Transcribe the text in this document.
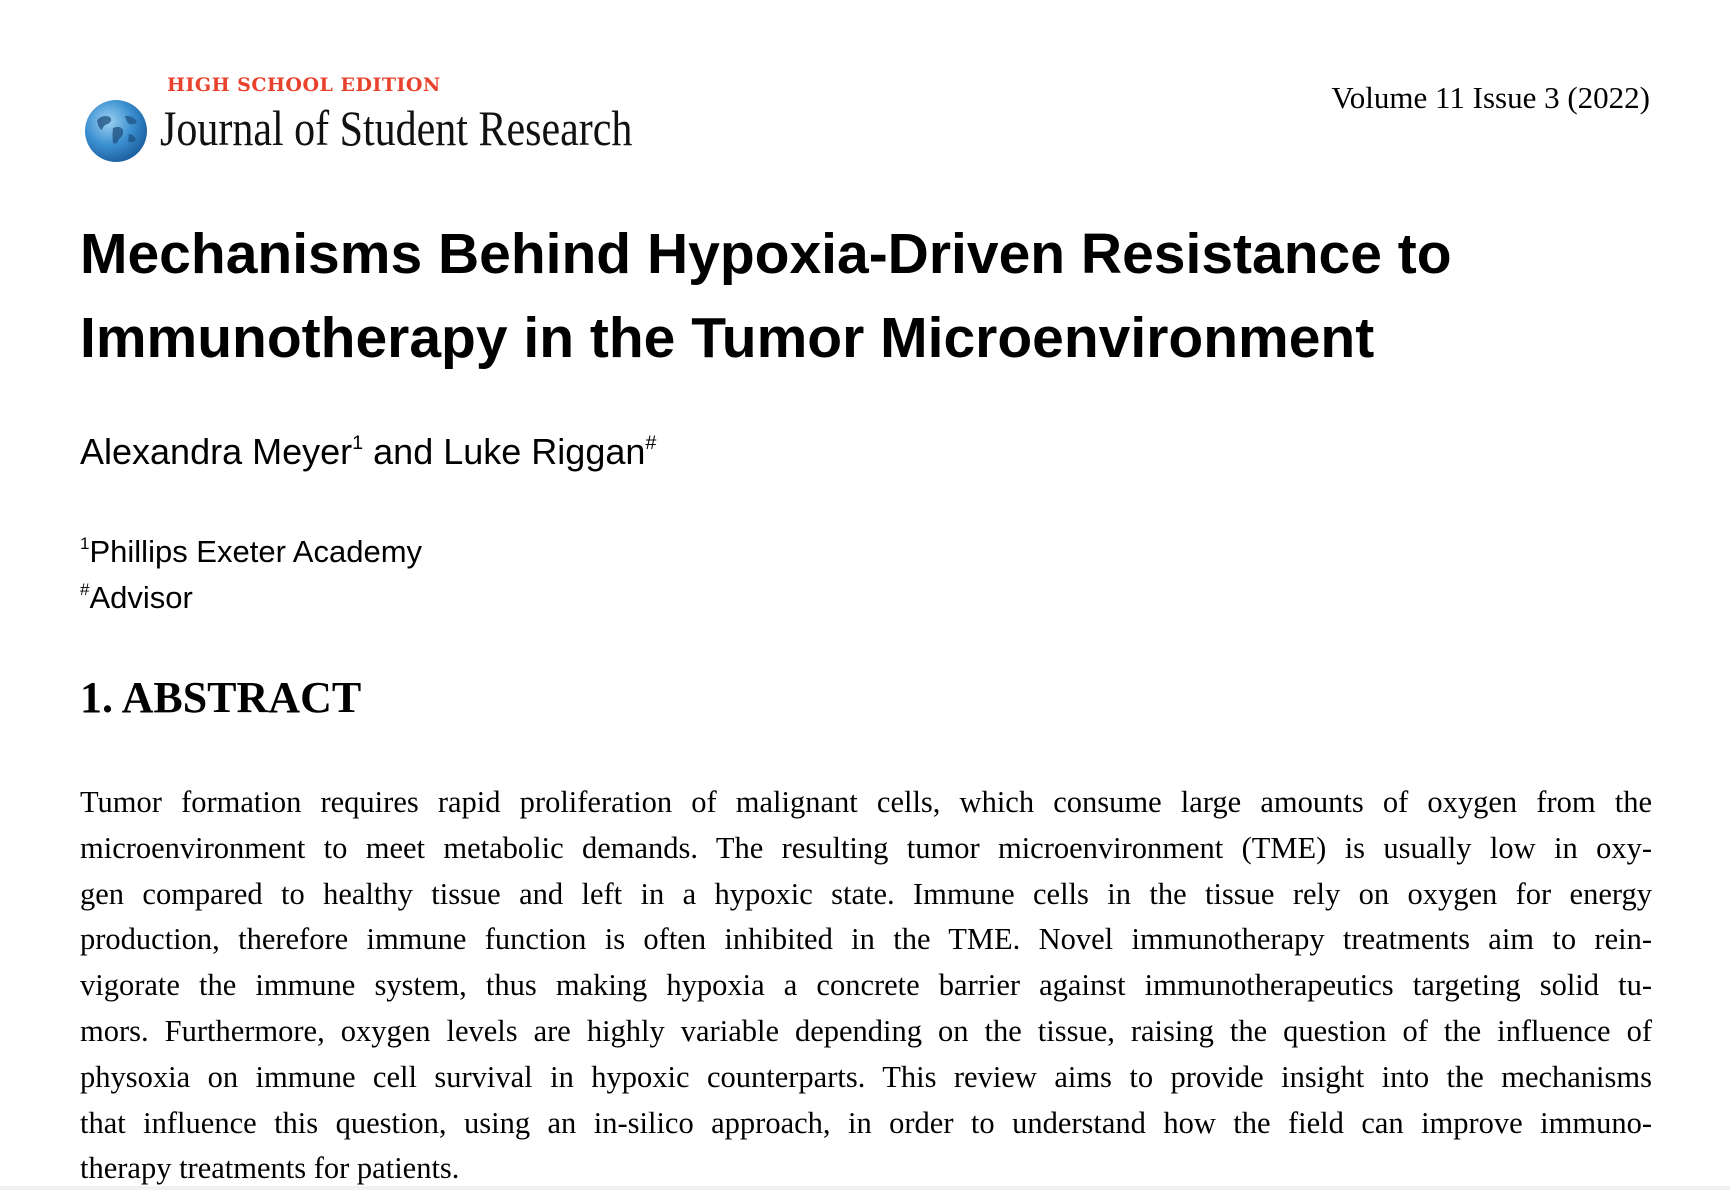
HIGH SCHOOL EDITION
Journal of Student Research
Volume 11 Issue 3 (2022)
Mechanisms Behind Hypoxia-Driven Resistance to
Immunotherapy in the Tumor Microenvironment
Alexandra Meyer$^1$ and Luke Riggan#
$^1$Phillips Exeter Academy
#Advisor
1. ABSTRACT

Tumor formation requires rapid proliferation of malignant cells, which consume large amounts of oxygen from the
microenvironment to meet metabolic demands. The resulting tumor microenvironment (TME) is usually low in oxy-
gen compared to healthy tissue and left in a hypoxic state. Immune cells in the tissue rely on oxygen for energy
production, therefore immune function is often inhibited in the TME. Novel immunotherapy treatments aim to rein-
vigorate the immune system, thus making hypoxia a concrete barrier against immunotherapeutics targeting solid tu-
mors. Furthermore, oxygen levels are highly variable depending on the tissue, raising the question of the influence of
physoxia on immune cell survival in hypoxic counterparts. This review aims to provide insight into the mechanisms
that influence this question, using an in-silico approach, in order to understand how the field can improve immuno-
therapy treatments for patients.
